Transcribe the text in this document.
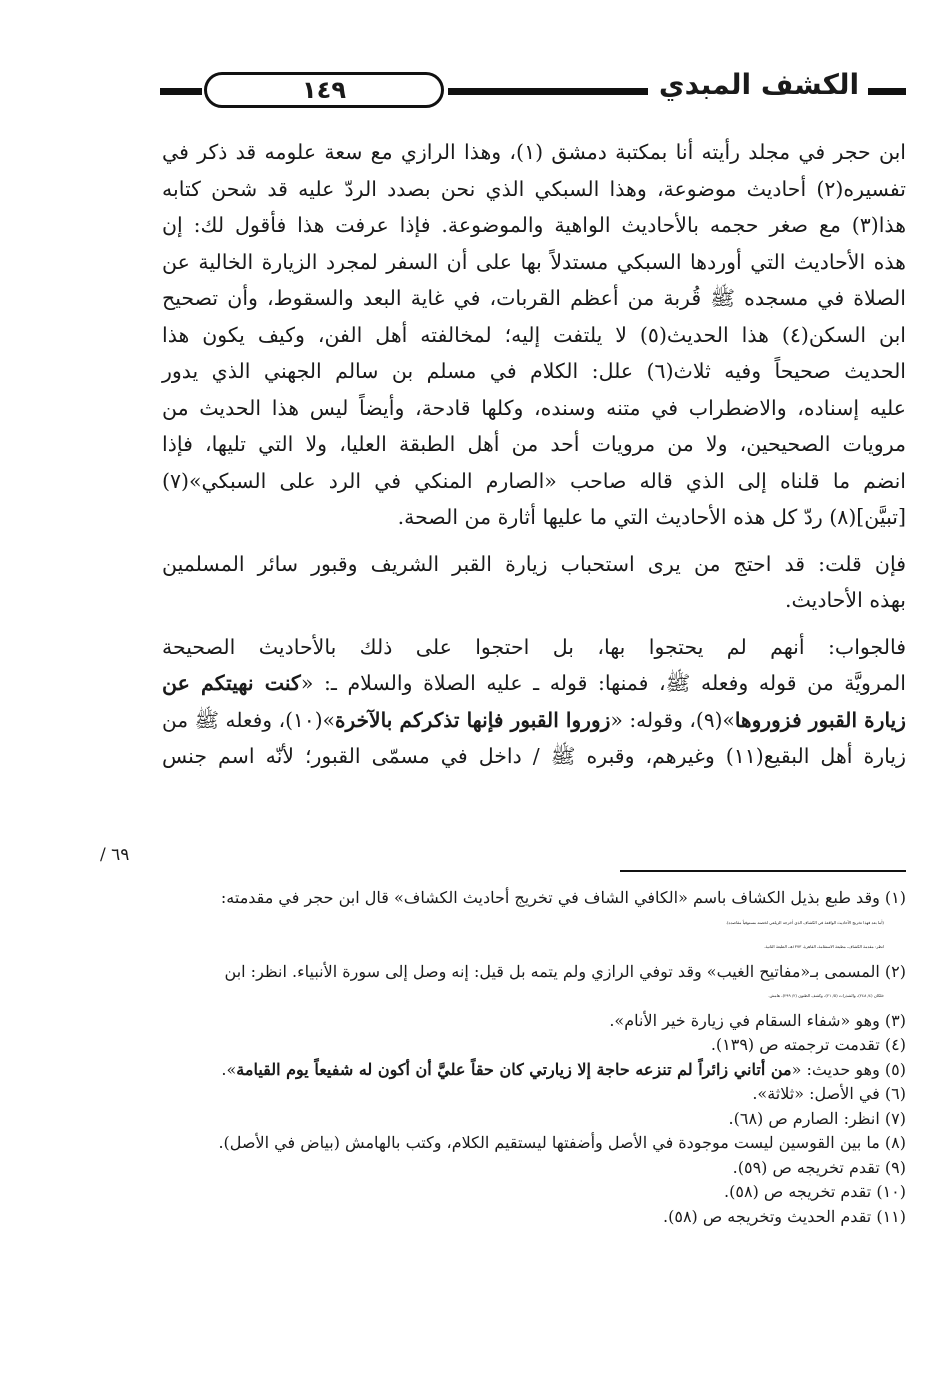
١٤٩	الكشف المبدي

ابن حجر في مجلد رأيته أنا بمكتبة دمشق (١)، وهذا الرازي مع سعة علومه قد ذكر في
تفسيره(٢) أحاديث موضوعة، وهذا السبكي الذي نحن بصدد الردّ عليه قد شحن كتابه
هذا(٣) مع صغر حجمه بالأحاديث الواهية والموضوعة. فإذا عرفت هذا فأقول لك: إن
هذه الأحاديث التي أوردها السبكي مستدلاً بها على أن السفر لمجرد الزيارة الخالية عن
الصلاة في مسجده ﷺ قُربة من أعظم القربات، في غاية البعد والسقوط، وأن تصحيح
ابن السكن(٤) هذا الحديث(٥) لا يلتفت إليه؛ لمخالفته أهل الفن، وكيف يكون هذا
الحديث صحيحاً وفيه ثلاث(٦) علل: الكلام في مسلم بن سالم الجهني الذي يدور
عليه إسناده، والاضطراب في متنه وسنده، وكلها قادحة، وأيضاً ليس هذا الحديث من
مرويات الصحيحين، ولا من مرويات أحد من أهل الطبقة العليا، ولا التي تليها، فإذا
انضم ما قلناه إلى الذي قاله صاحب «الصارم المنكي في الرد على السبكي»(٧)
[تبيَّن](٨) ردّ كل هذه الأحاديث التي ما عليها أثارة من الصحة.

فإن قلت: قد احتج من يرى استحباب زيارة القبر الشريف وقبور سائر المسلمين
بهذه الأحاديث.

فالجواب: أنهم لم يحتجوا بها، بل احتجوا على ذلك بالأحاديث الصحيحة
المرويَّة من قوله وفعله ﷺ، فمنها: قوله ـ عليه الصلاة والسلام ـ: «كنت نهيتكم عن
زيارة القبور فزوروها»(٩)، وقوله: «زوروا القبور فإنها تذكركم بالآخرة»(١٠)، وفعله ﷺ من
زيارة أهل البقيع(١١) وغيرهم، وقبره ﷺ / داخل في مسمّى القبور؛ لأنّه اسم جنس

/ ٦٩
(١) وقد طبع بذيل الكشاف باسم «الكافي الشاف في تخريج أحاديث الكشاف» قال ابن حجر في مقدمته:
(أما بعد فهذا تخريج الأحاديث الواقعة في الكشاف الذي أخرجه الزيلعي لخصته مستوفياً مقاصده).
انظر: مقدمة الكشاف، مطبعة الاستقامة، القاهرة، ١٣٧٣هـ، الطبعة الثانية.
(٢) المسمى بـ«مفاتيح الغيب» وقد توفي الرازي ولم يتمه بل قيل: إنه وصل إلى سورة الأنبياء. انظر: ابن
خلكان (٤/ ٢٤٨)، والشذرات (٥/ ٢١)، وكشف الظنون (٢/ ٢٩٩)، هامش.
(٣) وهو «شفاء السقام في زيارة خير الأنام».
(٤) تقدمت ترجمته ص (١٣٩).
(٥) وهو حديث: «من أتاني زائراً لم تنزعه حاجة إلا زيارتي كان حقاً عليَّ أن أكون له شفيعاً يوم القيامة».
(٦) في الأصل: «ثلاثة».
(٧) انظر: الصارم ص (٦٨).
(٨) ما بين القوسين ليست موجودة في الأصل وأضفتها ليستقيم الكلام، وكتب بالهامش (بياض في الأصل).
(٩) تقدم تخريجه ص (٥٩).
(١٠) تقدم تخريجه ص (٥٨).
(١١) تقدم الحديث وتخريجه ص (٥٨).
